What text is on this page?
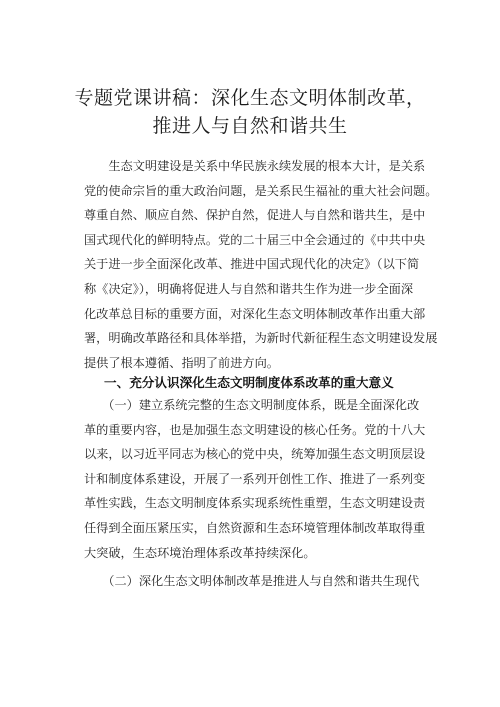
专题党课讲稿：深化生态文明体制改革，
推进人与自然和谐共生
　　生态文明建设是关系中华民族永续发展的根本大计，是关系
党的使命宗旨的重大政治问题，是关系民生福祉的重大社会问题。
尊重自然、顺应自然、保护自然，促进人与自然和谐共生，是中
国式现代化的鲜明特点。党的二十届三中全会通过的《中共中央
关于进一步全面深化改革、推进中国式现代化的决定》（以下简
称《决定》），明确将促进人与自然和谐共生作为进一步全面深
化改革总目标的重要方面，对深化生态文明体制改革作出重大部
署，明确改革路径和具体举措，为新时代新征程生态文明建设发展
提供了根本遵循、指明了前进方向。
一、充分认识深化生态文明制度体系改革的重大意义
　　（一）建立系统完整的生态文明制度体系，既是全面深化改
革的重要内容，也是加强生态文明建设的核心任务。党的十八大
以来，以习近平同志为核心的党中央，统筹加强生态文明顶层设
计和制度体系建设，开展了一系列开创性工作、推进了一系列变
革性实践，生态文明制度体系实现系统性重塑，生态文明建设责
任得到全面压紧压实，自然资源和生态环境管理体制改革取得重
大突破，生态环境治理体系改革持续深化。
　　（二）深化生态文明体制改革是推进人与自然和谐共生现代
